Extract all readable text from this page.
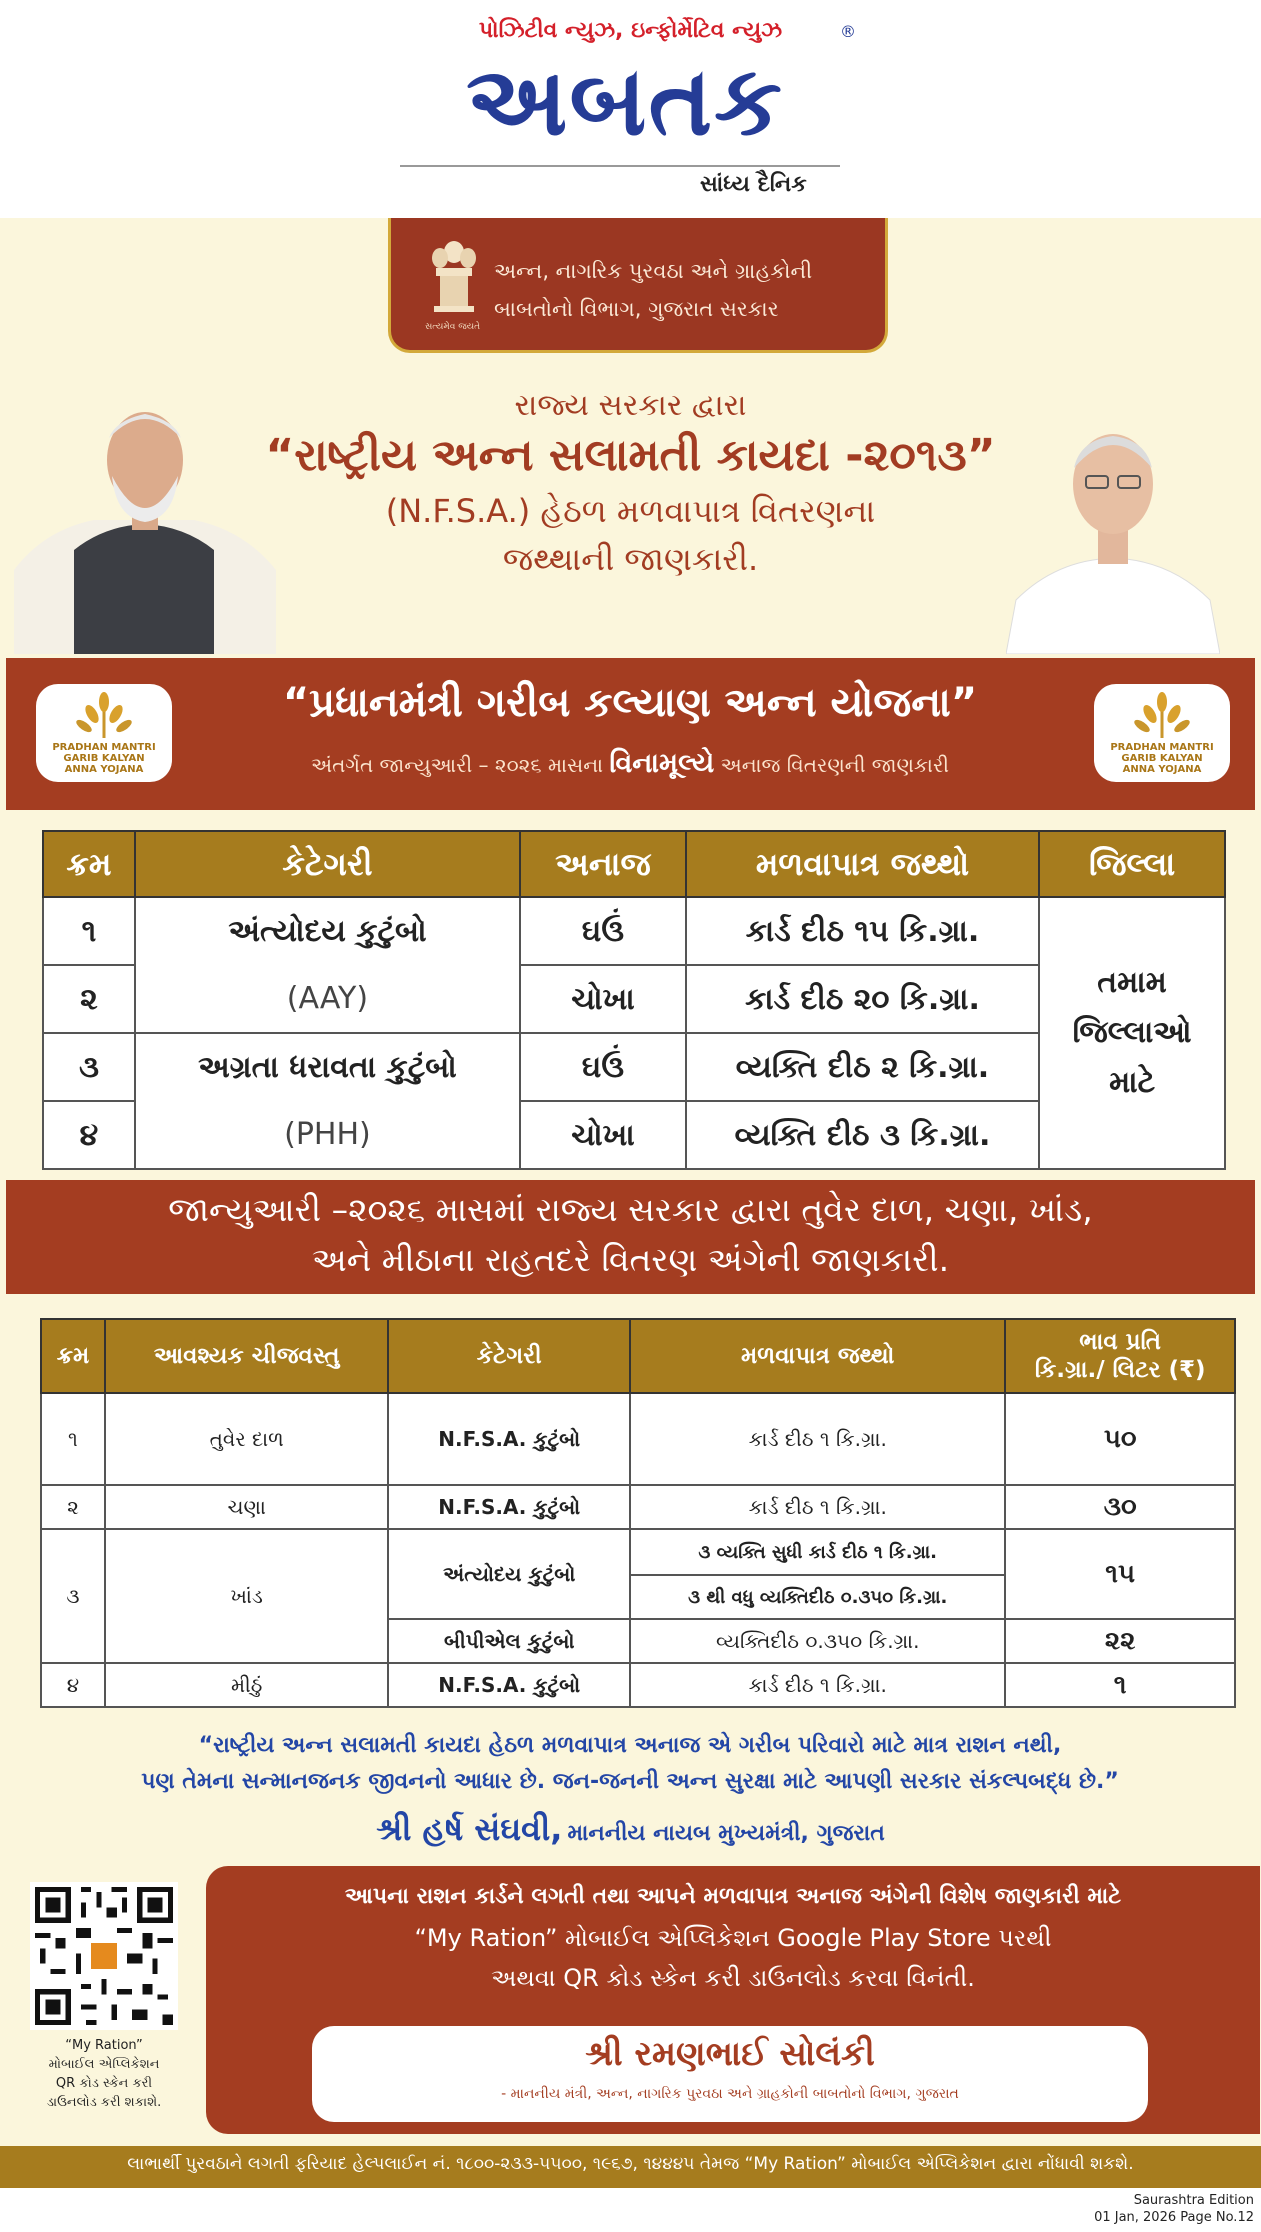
પોઝિટીવ ન્યુઝ, ઇન્ફોર્મેટિવ ન્યુઝ
અબતક
®
સાંધ્ય દૈનિક
સત્યમેવ જયતે
અન્ન, નાગરિક પુરવઠા અને ગ્રાહકોની
બાબતોનો વિભાગ, ગુજરાત સરકાર
રાજ્ય સરકાર દ્વારા
“રાષ્ટ્રીય અન્ન સલામતી કાયદા -૨૦૧૩”
(N.F.S.A.) હેઠળ મળવાપાત્ર વિતરણના
જથ્થાની જાણકારી.
PRADHAN MANTRI
GARIB KALYAN
ANNA YOJANA
PRADHAN MANTRI
GARIB KALYAN
ANNA YOJANA
“પ્રધાનમંત્રી ગરીબ કલ્યાણ અન્ન યોજના”
અંતર્ગત જાન્યુઆરી – ૨૦૨૬ માસના વિનામૂલ્યે અનાજ વિતરણની જાણકારી
ક્રમ	કેટેગરી	અનાજ	મળવાપાત્ર જથ્થો	જિલ્લા
૧	અંત્યોદય કુટુંબો	ઘઉં	કાર્ડ દીઠ ૧૫ કિ.ગ્રા.	તમામ
જિલ્લાઓ
માટે

૨	(AAY)	ચોખા	કાર્ડ દીઠ ૨૦ કિ.ગ્રા.	
૩	અગ્રતા ધરાવતા કુટુંબો	ઘઉં	વ્યક્તિ દીઠ ૨ કિ.ગ્રા.	
૪	(PHH)	ચોખા	વ્યક્તિ દીઠ ૩ કિ.ગ્રા.	
જાન્યુઆરી –૨૦૨૬ માસમાં રાજ્ય સરકાર દ્વારા તુવેર દાળ, ચણા, ખાંડ,
અને મીઠાના રાહતદરે વિતરણ અંગેની જાણકારી.
ક્રમ	આવશ્યક ચીજવસ્તુ	કેટેગરી	મળવાપાત્ર જથ્થો	ભાવ પ્રતિ
કિ.ગ્રા./ લિટર (₹)

૧	તુવેર દાળ	N.F.S.A. કુટુંબો	કાર્ડ દીઠ ૧ કિ.ગ્રા.	૫૦
૨	ચણા	N.F.S.A. કુટુંબો	કાર્ડ દીઠ ૧ કિ.ગ્રા.	૩૦
૩	ખાંડ	અંત્યોદય કુટુંબો	૩ વ્યક્તિ સુધી કાર્ડ દીઠ ૧ કિ.ગ્રા.	૧૫
			૩ થી વધુ વ્યક્તિદીઠ ૦.૩૫૦ કિ.ગ્રા.	
		બીપીએલ કુટુંબો	વ્યક્તિદીઠ ૦.૩૫૦ કિ.ગ્રા.	૨૨
૪	મીઠું	N.F.S.A. કુટુંબો	કાર્ડ દીઠ ૧ કિ.ગ્રા.	૧
“રાષ્ટ્રીય અન્ન સલામતી કાયદા હેઠળ મળવાપાત્ર અનાજ એ ગરીબ પરિવારો માટે માત્ર રાશન નથી,
પણ તેમના સન્માનજનક જીવનનો આધાર છે. જન-જનની અન્ન સુરક્ષા માટે આપણી સરકાર સંકલ્પબદ્ધ છે.”
શ્રી હર્ષ સંઘવી, માનનીય નાયબ મુખ્યમંત્રી, ગુજરાત
“My Ration”
મોબાઈલ એપ્લિકેશન
QR કોડ સ્કેન કરી
ડાઉનલોડ કરી શકાશે.
આપના રાશન કાર્ડને લગતી તથા આપને મળવાપાત્ર અનાજ અંગેની વિશેષ જાણકારી માટે
“My Ration” મોબાઈલ એપ્લિકેશન Google Play Store પરથી
અથવા QR કોડ સ્કેન કરી ડાઉનલોડ કરવા વિનંતી.
શ્રી રમણભાઈ સોલંકી
- માનનીય મંત્રી, અન્ન, નાગરિક પુરવઠા અને ગ્રાહકોની બાબતોનો વિભાગ, ગુજરાત
લાભાર્થી પુરવઠાને લગતી ફરિયાદ હેલ્પલાઈન નં. ૧૮૦૦-૨૩૩-૫૫૦૦, ૧૯૬૭, ૧૪૪૪૫ તેમજ “My Ration” મોબાઈલ એપ્લિકેશન દ્વારા નોંધાવી શકશે.
Saurashtra Edition
01 Jan, 2026 Page No.12
